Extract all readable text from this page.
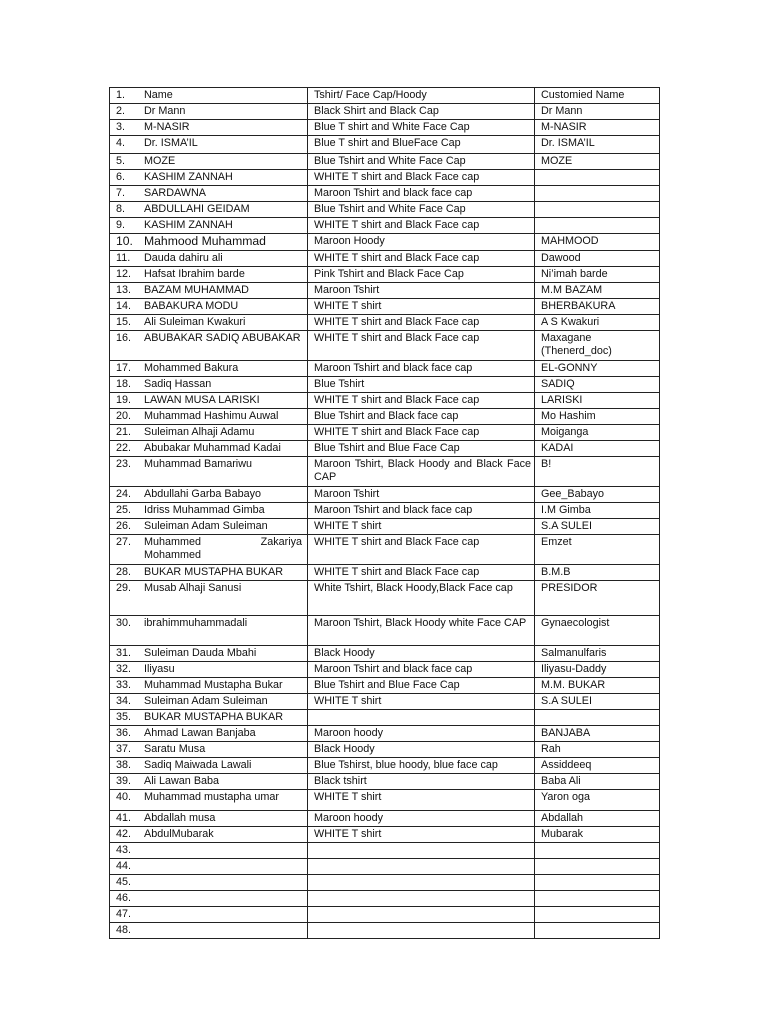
1. Name	Tshirt/ Face Cap/Hoody	Customied Name
2.Dr Mann	Black Shirt and Black Cap	Dr Mann
3. M-NASIR	Blue T shirt and White Face Cap	M-NASIR
4. Dr. ISMA’IL	Blue T shirt and BlueFace Cap	Dr. ISMA’IL
5.MOZE	Blue Tshirt and White Face Cap	MOZE
6.KASHIM ZANNAH	WHITE T shirt and Black Face cap	
7. SARDAWNA	Maroon Tshirt and black face cap	
8. ABDULLAHI GEIDAM	Blue Tshirt and White Face Cap	
9. KASHIM ZANNAH	WHITE T shirt and Black Face cap	
10. Mahmood Muhammad	Maroon Hoody	MAHMOOD
11. Dauda dahiru ali	WHITE T shirt and Black Face cap	Dawood
12. Hafsat Ibrahim barde	Pink Tshirt and Black Face Cap	Ni’imah barde
13. BAZAM MUHAMMAD	Maroon Tshirt	M.M BAZAM
14. BABAKURA MODU	WHITE T shirt	BHERBAKURA
15. Ali Suleiman Kwakuri	WHITE T shirt and Black Face cap	A S Kwakuri
16. ABUBAKAR SADIQ ABUBAKAR	WHITE T shirt and Black Face cap	Maxagane (Thenerd_doc)
17. Mohammed Bakura	Maroon Tshirt and black face cap	EL-GONNY
18. Sadiq Hassan	Blue Tshirt	SADIQ
19. LAWAN MUSA LARISKI	WHITE T shirt and Black Face cap	LARISKI
20. Muhammad Hashimu Auwal	Blue Tshirt and Black face cap	Mo Hashim
21. Suleiman Alhaji Adamu	WHITE T shirt and Black Face cap	Moiganga
22. Abubakar Muhammad Kadai	Blue Tshirt and Blue Face Cap	KADAI
23. Muhammad Bamariwu	Maroon Tshirt, Black Hoody and Black Face CAP	B!
24. Abdullahi Garba Babayo	Maroon Tshirt	Gee_Babayo
25. Idriss Muhammad Gimba	Maroon Tshirt and black face cap	I.M Gimba
26. Suleiman Adam Suleiman	WHITE T shirt	S.A SULEI
27. Muhammed Zakariya Mohammed	WHITE T shirt and Black Face cap	Emzet
28. BUKAR MUSTAPHA BUKAR	WHITE T shirt and Black Face cap	B.M.B
29. Musab Alhaji Sanusi	White Tshirt, Black Hoody,Black Face cap	PRESIDOR
30. ibrahimmuhammadali	Maroon Tshirt, Black Hoody white Face CAP	Gynaecologist
31. Suleiman Dauda Mbahi	Black Hoody	Salmanulfaris
32. Iliyasu	Maroon Tshirt and black face cap	Iliyasu-Daddy
33. Muhammad Mustapha Bukar	Blue Tshirt and Blue Face Cap	M.M. BUKAR
34. Suleiman Adam Suleiman	WHITE T shirt	S.A SULEI
35. BUKAR MUSTAPHA BUKAR		
36. Ahmad Lawan Banjaba	Maroon hoody	BANJABA
37. Saratu Musa	Black Hoody	Rah
38. Sadiq Maiwada Lawali	Blue Tshirst, blue hoody, blue face cap	Assiddeeq
39. Ali Lawan Baba	Black tshirt	Baba Ali
40. Muhammad mustapha umar	WHITE T shirt	Yaron oga
41. Abdallah musa	Maroon hoody	Abdallah
42. AbdulMubarak	WHITE T shirt	Mubarak
43.		
44.		
45.		
46.		
47.		
48.		
